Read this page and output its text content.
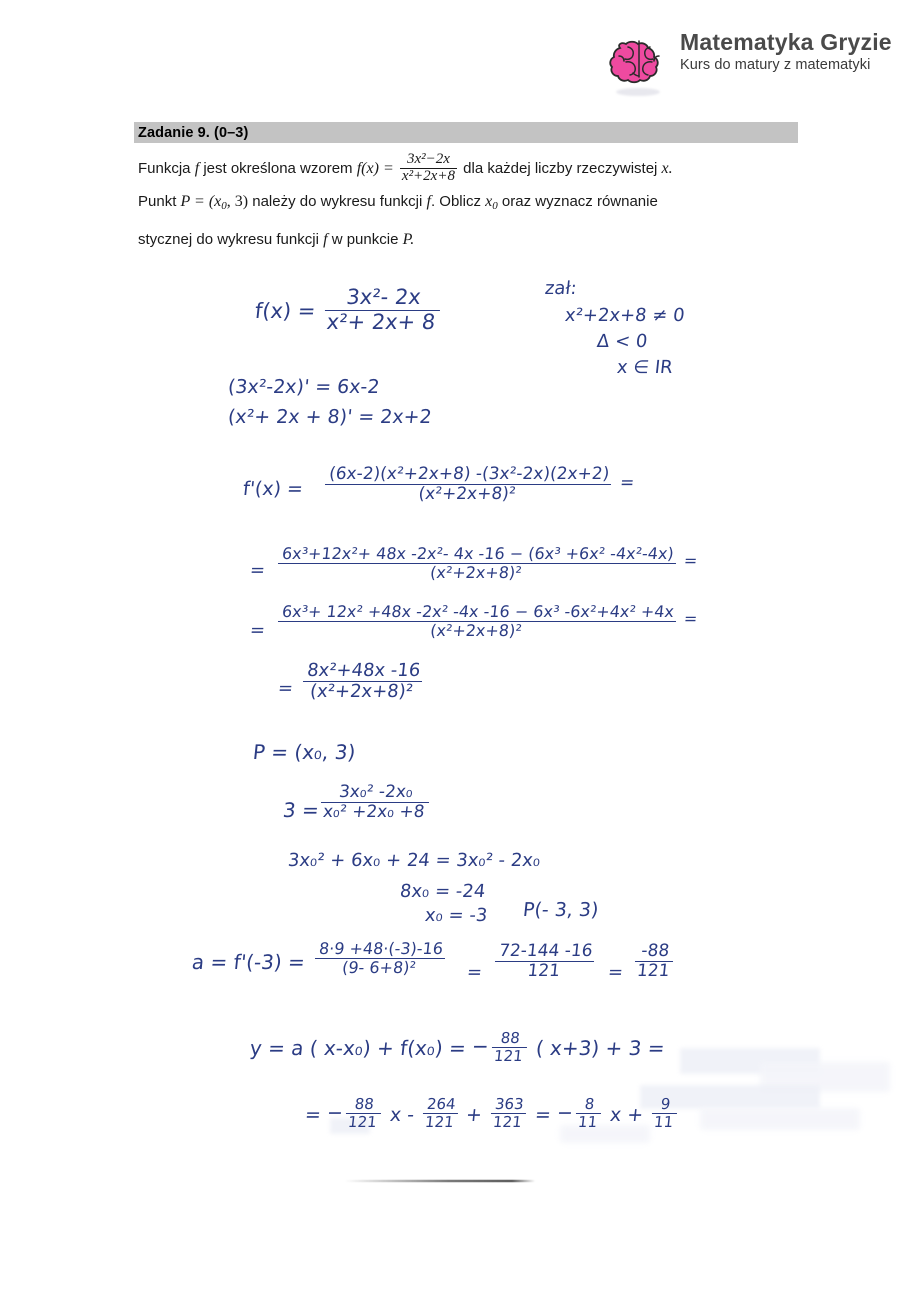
Matematyka Gryzie
Kurs do matury z matematyki
Zadanie 9. (0–3)
Funkcja f jest określona wzorem $f(x) = \frac{\text{3x²−2x}}{\text{x²+2x+8}}$ dla każdej liczby rzeczywistej x.
Punkt $P = (x_0$, 3) należy do wykresu funkcji f. Oblicz $x_0$ oraz wyznacz równanie
stycznej do wykresu funkcji f w punkcie P.
$f(x) = \frac{\text{3x²- 2x}}{\text{x²+ 2x+ 8}}$	zał:
x²+2x+8 ≠ 0
Δ < 0
x ∈ IR
(3x²-2x)' = 6x-2
(x²+ 2x + 8)' = 2x+2
$f'(x) = \frac{\text{(6x-2)(x²+2x+8) -(3x²-2x)(2x+2)}}{\text{(x²+2x+8)²}}$ =
= $\frac{\text{6x³+12x²+ 48x -2x²- 4x -16 − (6x³ +6x² -4x²-4x)}}{\text{(x²+2x+8)²}}$ =
= $\frac{\text{6x³+ 12x² +48x -2x² -4x -16 − 6x³ -6x²+4x² +4x}}{\text{(x²+2x+8)²}}$ =
= $\frac{\text{8x²+48x -16}}{\text{(x²+2x+8)²}}$
P = (x₀, 3)
3 =
$\frac{\text{3x₀² -2x₀}}{\text{x₀² +2x₀ +8}}$
3x₀² + 6x₀ + 24 = 3x₀² - 2x₀
8x₀ = -24
x₀ = -3 P(- 3, 3)
$a = f'(-3) = \frac{8\cdot 9 +48\cdot(-3)-16}{\text{(9- 6+8)²}} = \frac{72-144 -16}{121} = \frac{-88}{121}$
y = a ( x-x₀) + f(x₀) = − $\frac{88}{121}$ ( x+3) + 3 =
= − $\frac{88}{121}$ $x - \frac{264}{121} + \frac{363}{121}$ = − $\frac{8}{11}$ $x + \frac{9}{11}$
